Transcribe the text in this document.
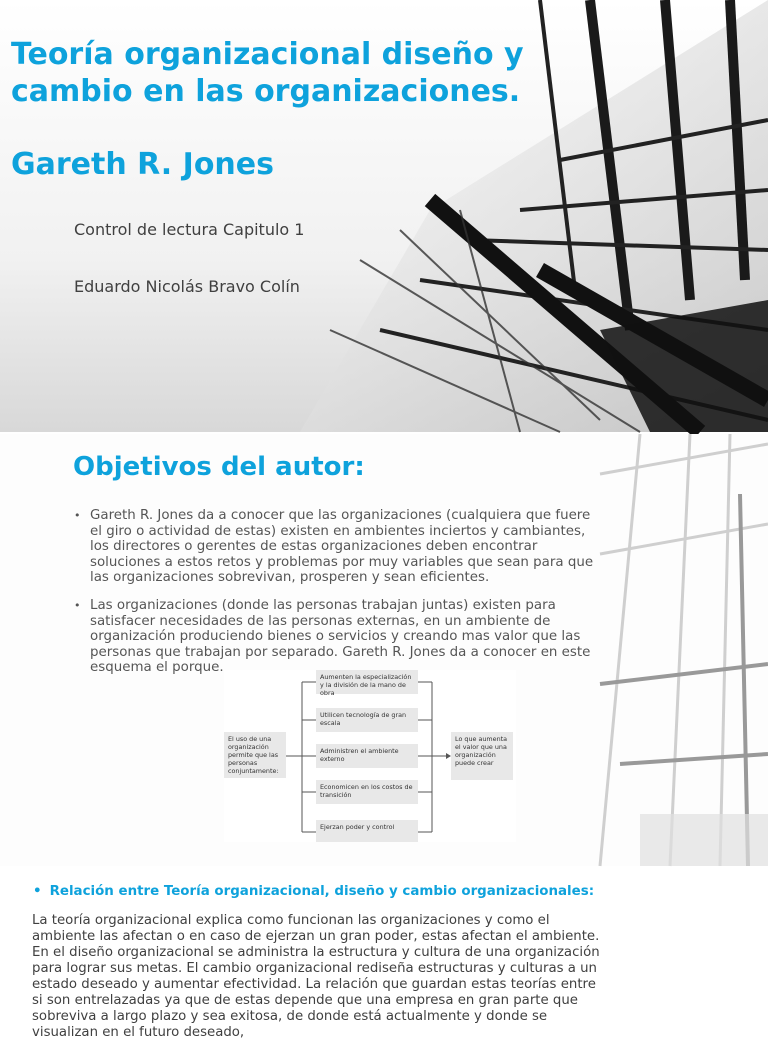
Teoría organizacional diseño y cambio en las organizaciones.
Gareth R. Jones
Control de lectura Capitulo 1
Eduardo Nicolás Bravo Colín
Objetivos del autor:
• Gareth R. Jones da a conocer que las organizaciones (cualquiera que fuere el giro o actividad de estas) existen en ambientes inciertos y cambiantes, los directores o gerentes de estas organizaciones deben encontrar soluciones a estos retos y problemas por muy variables que sean para que las organizaciones sobrevivan, prosperen y sean eficientes.
• Las organizaciones (donde las personas trabajan juntas) existen para satisfacer necesidades de las personas externas, en un ambiente de organización produciendo bienes o servicios y creando mas valor que las personas que trabajan por separado. Gareth R. Jones da a conocer en este esquema el porque.
El uso de una organización permite que las personas conjuntamente:
Aumenten la especialización y la división de la mano de obra
Utilicen tecnología de gran escala
Administren el ambiente externo
Economicen en los costos de transición
Ejerzan poder y control
Lo que aumenta el valor que una organización puede crear
• Relación entre Teoría organizacional, diseño y cambio organizacionales:

La teoría organizacional explica como funcionan las organizaciones y como el ambiente las afectan o en caso de ejerzan un gran poder, estas afectan el ambiente. En el diseño organizacional se administra la estructura y cultura de una organización para lograr sus metas. El cambio organizacional rediseña estructuras y culturas a un estado deseado y aumentar efectividad. La relación que guardan estas teorías entre si son entrelazadas ya que de estas depende que una empresa en gran parte que sobreviva a largo plazo y sea exitosa, de donde está actualmente y donde se visualizan en el futuro deseado,
